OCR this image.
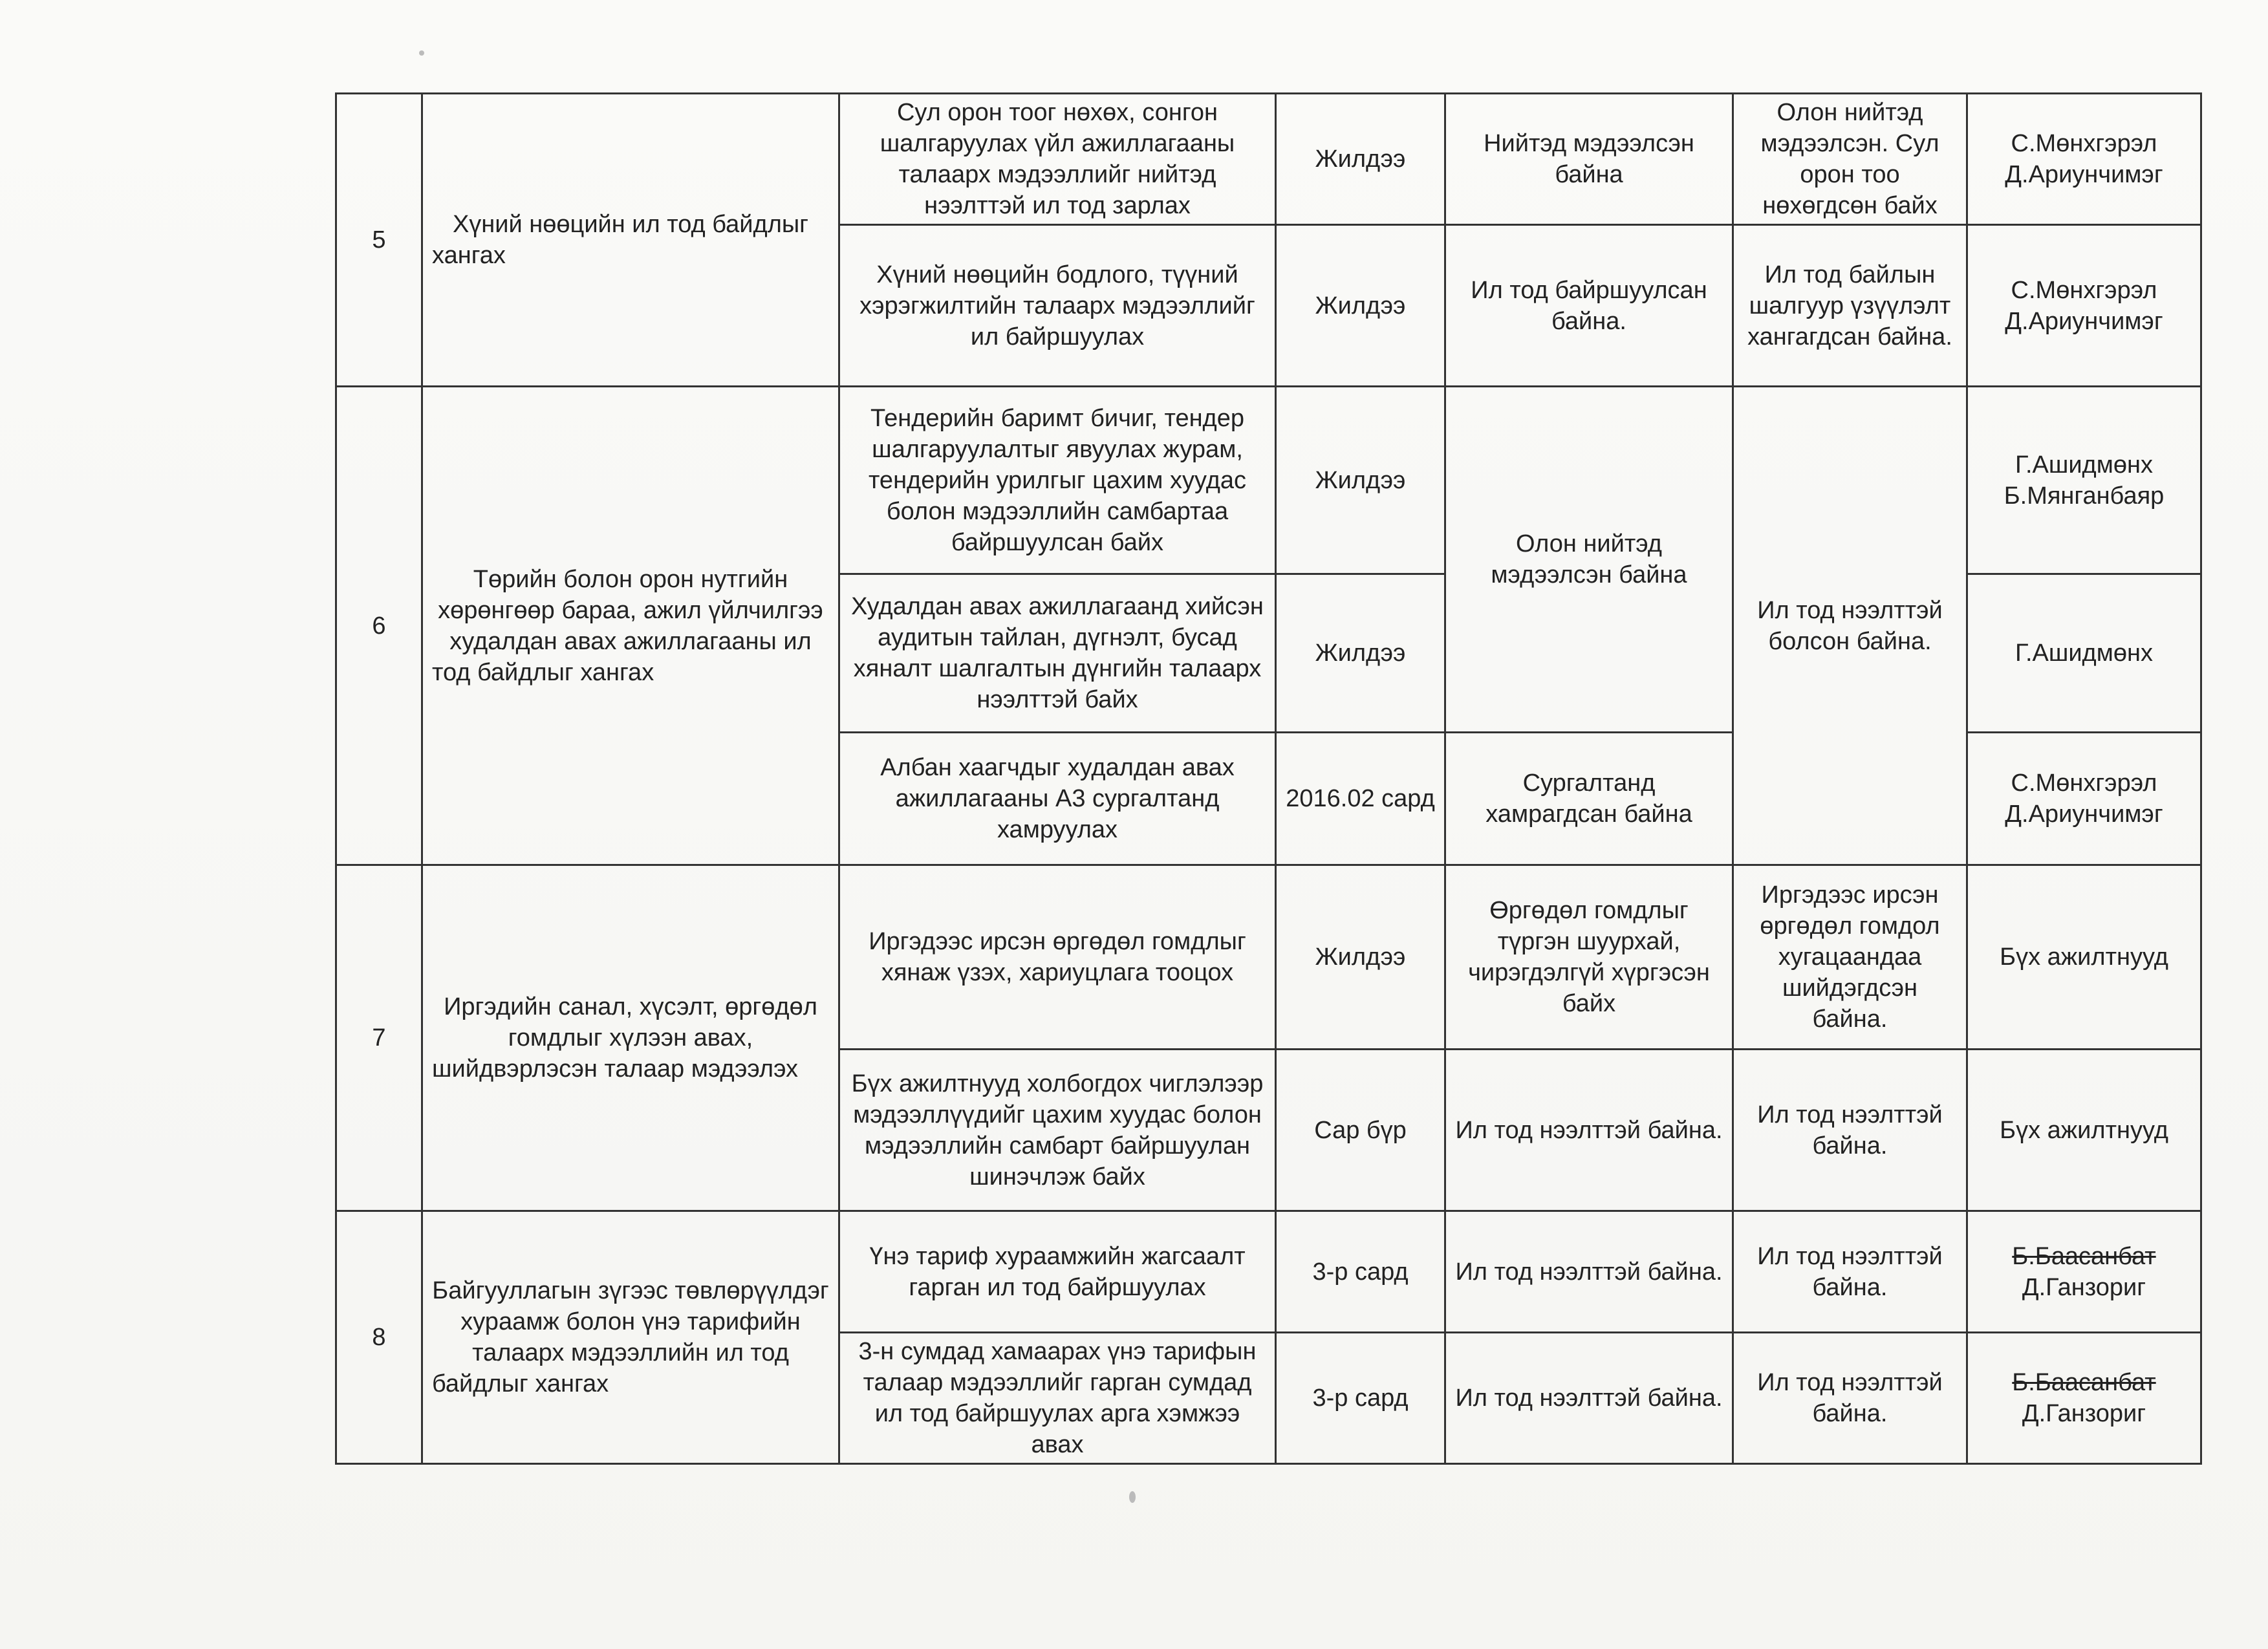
5	Хүний нөөцийн ил тод байдлыг хангах	Сул орон тоог нөхөх, сонгон шалгаруулах үйл ажиллагааны талаарх мэдээллийг нийтэд нээлттэй ил тод зарлах	Жилдээ	Нийтэд мэдээлсэн байна	Олон нийтэд мэдээлсэн. Сул орон тоо нөхөгдсөн байх	С.Мөнхгэрэл
Д.Ариунчимэг

		Хүний нөөцийн бодлого, түүний хэрэгжилтийн талаарх мэдээллийг ил байршуулах	Жилдээ	Ил тод байршуулсан байна.	Ил тод байлын шалгуур үзүүлэлт хангагдсан байна.	С.Мөнхгэрэл
Д.Ариунчимэг

6	Төрийн болон орон нутгийн хөрөнгөөр бараа, ажил үйлчилгээ худалдан авах ажиллагааны ил тод байдлыг хангах	Тендерийн баримт бичиг, тендер шалгаруулалтыг явуулах журам, тендерийн урилгыг цахим хуудас болон мэдээллийн самбартаа байршуулсан байх	Жилдээ	Олон нийтэд мэдээлсэн байна	Ил тод нээлттэй болсон байна.	Г.Ашидмөнх
Б.Мянганбаяр

		Худалдан авах ажиллагаанд хийсэн аудитын тайлан, дүгнэлт, бусад хяналт шалгалтын дүнгийн талаарх нээлттэй байх	Жилдээ			Г.Ашидмөнх

		Албан хаагчдыг худалдан авах ажиллагааны А3 сургалтанд хамруулах	2016.02 сард	Сургалтанд хамрагдсан байна		С.Мөнхгэрэл
Д.Ариунчимэг

7	Иргэдийн санал, хүсэлт, өргөдөл гомдлыг хүлээн авах, шийдвэрлэсэн талаар мэдээлэх	Иргэдээс ирсэн өргөдөл гомдлыг хянаж үзэх, хариуцлага тооцох	Жилдээ	Өргөдөл гомдлыг түргэн шуурхай, чирэгдэлгүй хүргэсэн байх	Иргэдээс ирсэн өргөдөл гомдол хугацаандаа шийдэгдсэн байна.	Бүх ажилтнууд

		Бүх ажилтнууд холбогдох чиглэлээр мэдээллүүдийг цахим хуудас болон мэдээллийн самбарт байршуулан шинэчлэж байх	Сар бүр	Ил тод нээлттэй байна.	Ил тод нээлттэй байна.	Бүх ажилтнууд

8	Байгууллагын зүгээс төвлөрүүлдэг хураамж болон үнэ тарифийн талаарх мэдээллийн ил тод байдлыг хангах	Үнэ тариф хураамжийн жагсаалт гарган ил тод байршуулах	3-р сард	Ил тод нээлттэй байна.	Ил тод нээлттэй байна.	Б.Баасанбат
Д.Ганзориг

		3-н сумдад хамаарах үнэ тарифын талаар мэдээллийг гарган сумдад ил тод байршуулах арга хэмжээ авах	3-р сард	Ил тод нээлттэй байна.	Ил тод нээлттэй байна.	Б.Баасанбат
Д.Ганзориг
